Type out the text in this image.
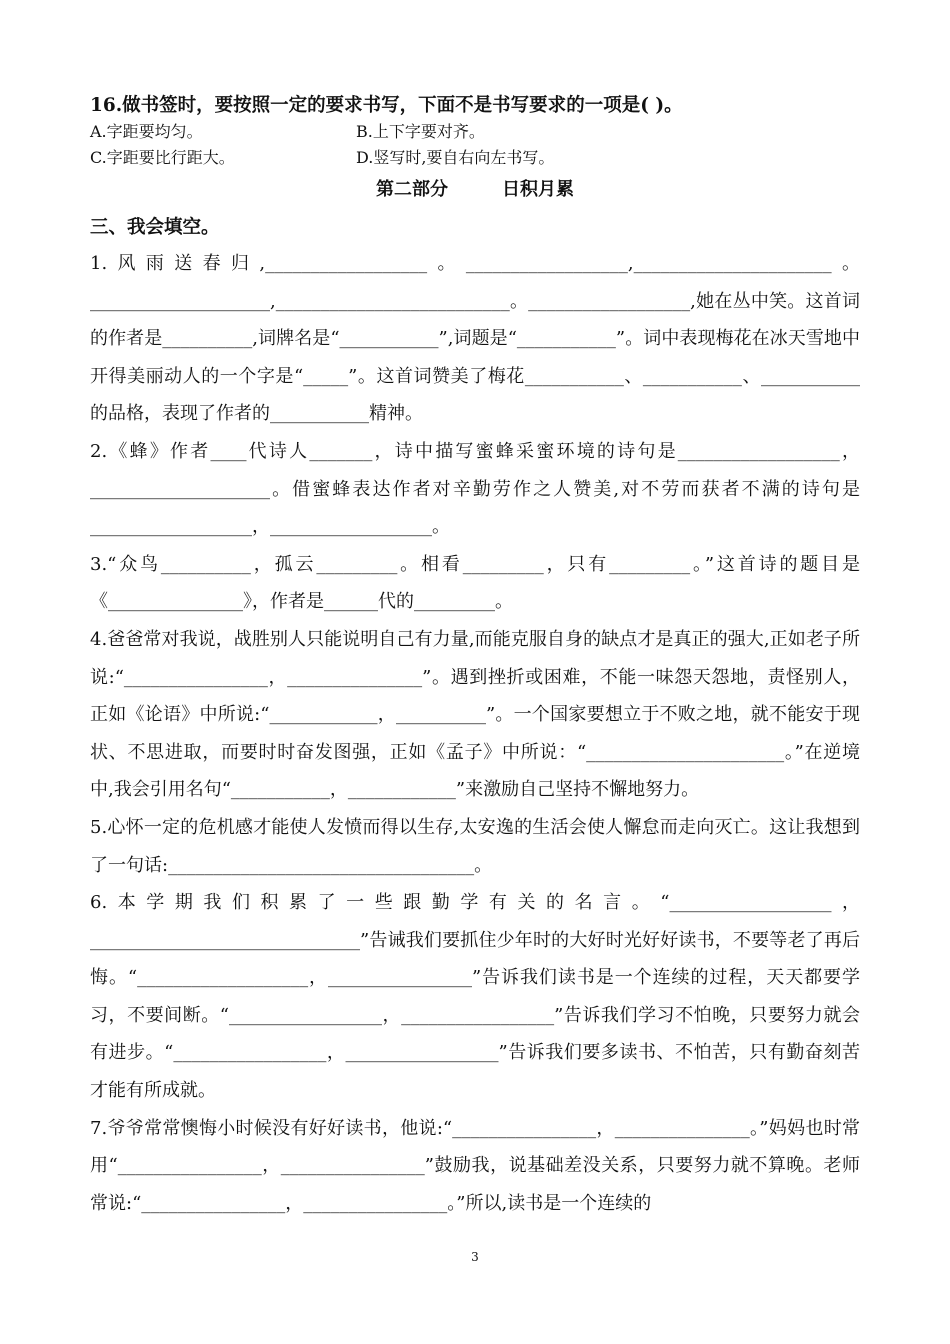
16.做书签时，要按照一定的要求书写，下面不是书写要求的一项是( )。
A.字距要均匀。	B.上下字要对齐。
C.字距要比行距大。	D.竖写时,要自右向左书写。
第二部分	日积月累
三、我会填空。

1.风雨送春归,__________________。__________________,______________________。____________________,__________________________。__________________,她在丛中笑。这首词的作者是__________,词牌名是“___________”,词题是“___________”。词中表现梅花在冰天雪地中开得美丽动人的一个字是“_____”。这首词赞美了梅花___________、___________、___________的品格，表现了作者的___________精神。

2.《蜂》作者____代诗人_______，诗中描写蜜蜂采蜜环境的诗句是__________________，____________________。借蜜蜂表达作者对辛勤劳作之人赞美,对不劳而获者不满的诗句是__________________，__________________。

3.“众鸟__________，孤云_________。相看_________，只有_________。”这首诗的题目是《_______________》，作者是______代的_________。

4.爸爸常对我说，战胜别人只能说明自己有力量,而能克服自身的缺点才是真正的强大,正如老子所说:“________________，_______________”。遇到挫折或困难，不能一味怨天怨地，责怪别人，正如《论语》中所说:“____________，__________”。一个国家要想立于不败之地，就不能安于现状、不思进取，而要时时奋发图强，正如《孟子》中所说：“______________________。”在逆境中,我会引用名句“___________，____________”来激励自己坚持不懈地努力。

5.心怀一定的危机感才能使人发愤而得以生存,太安逸的生活会使人懈怠而走向灭亡。这让我想到了一句话:__________________________________。

6.本学期我们积累了一些跟勤学有关的名言。“__________________，______________________________”告诫我们要抓住少年时的大好时光好好读书，不要等老了再后悔。“___________________，________________”告诉我们读书是一个连续的过程，天天都要学习，不要间断。“_________________，_________________”告诉我们学习不怕晚，只要努力就会有进步。“_________________，_________________”告诉我们要多读书、不怕苦，只有勤奋刻苦才能有所成就。

7.爷爷常常懊悔小时候没有好好读书，他说:“________________，_______________。”妈妈也时常用“________________，________________”鼓励我，说基础差没关系，只要努力就不算晚。老师常说:“________________，________________。”所以,读书是一个连续的

3
